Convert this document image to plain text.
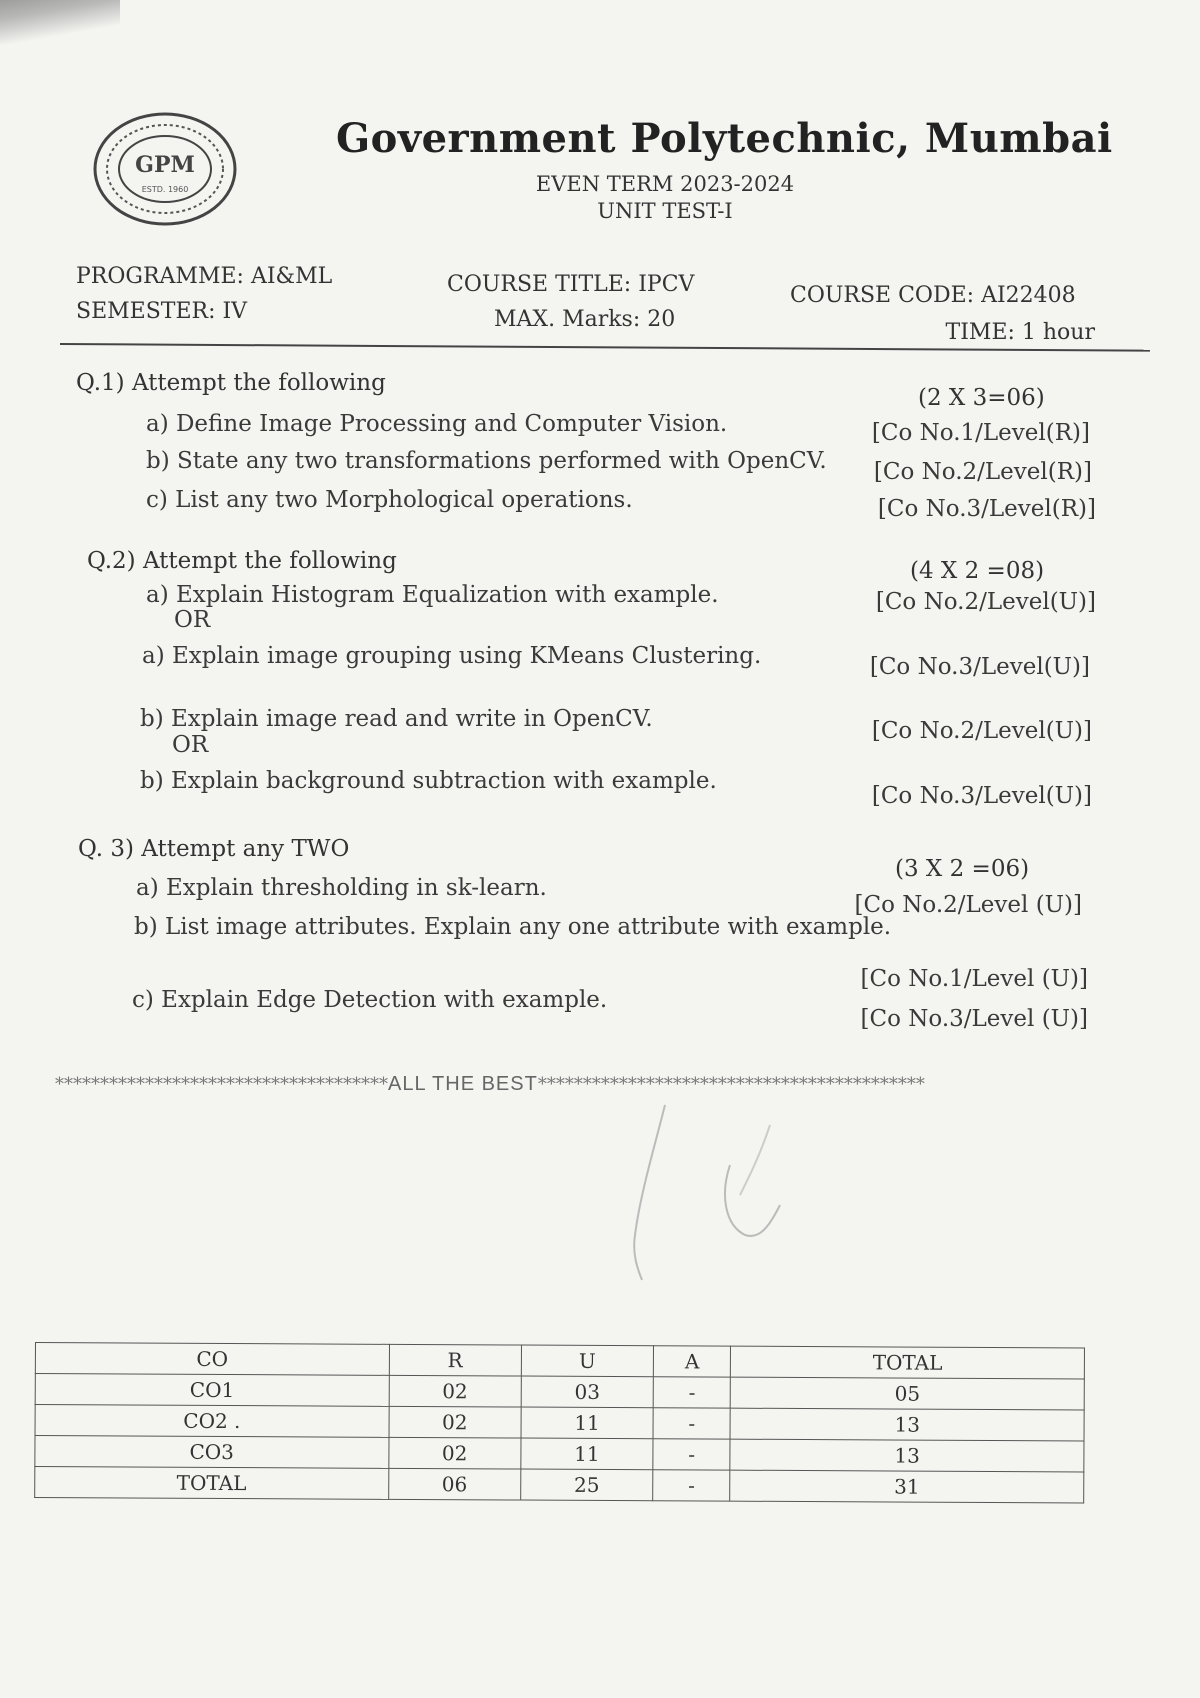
GPM
ESTD. 1960
Government Polytechnic, Mumbai
EVEN TERM 2023-2024
UNIT TEST-I
PROGRAMME: AI&ML
SEMESTER: IV
COURSE TITLE: IPCV
MAX. Marks: 20
COURSE CODE: AI22408
TIME: 1 hour
Q.1) Attempt the following
(2 X 3=06)
a) Define Image Processing and Computer Vision.	[Co No.1/Level(R)]
b) State any two transformations performed with OpenCV. [Co No.2/Level(R)]
c) List any two Morphological operations.	[Co No.3/Level(R)]
Q.2) Attempt the following	(4 X 2 =08)
a) Explain Histogram Equalization with example.	[Co No.2/Level(U)]
OR
a) Explain image grouping using KMeans Clustering.	[Co No.3/Level(U)]
b) Explain image read and write in OpenCV.	[Co No.2/Level(U)]
OR
b) Explain background subtraction with example.
[Co No.3/Level(U)]
Q. 3) Attempt any TWO
(3 X 2 =06)
a) Explain thresholding in sk-learn.
[Co No.2/Level (U)]
b) List image attributes. Explain any one attribute with example.
[Co No.1/Level (U)]
c) Explain Edge Detection with example.
[Co No.3/Level (U)]
*************************************ALL THE BEST*******************************************
CO	R	U	A	TOTAL
CO1	02	03	-	05
CO2 .	02	11	-	13
CO3	02	11	-	13
TOTAL	06	25	-	31
